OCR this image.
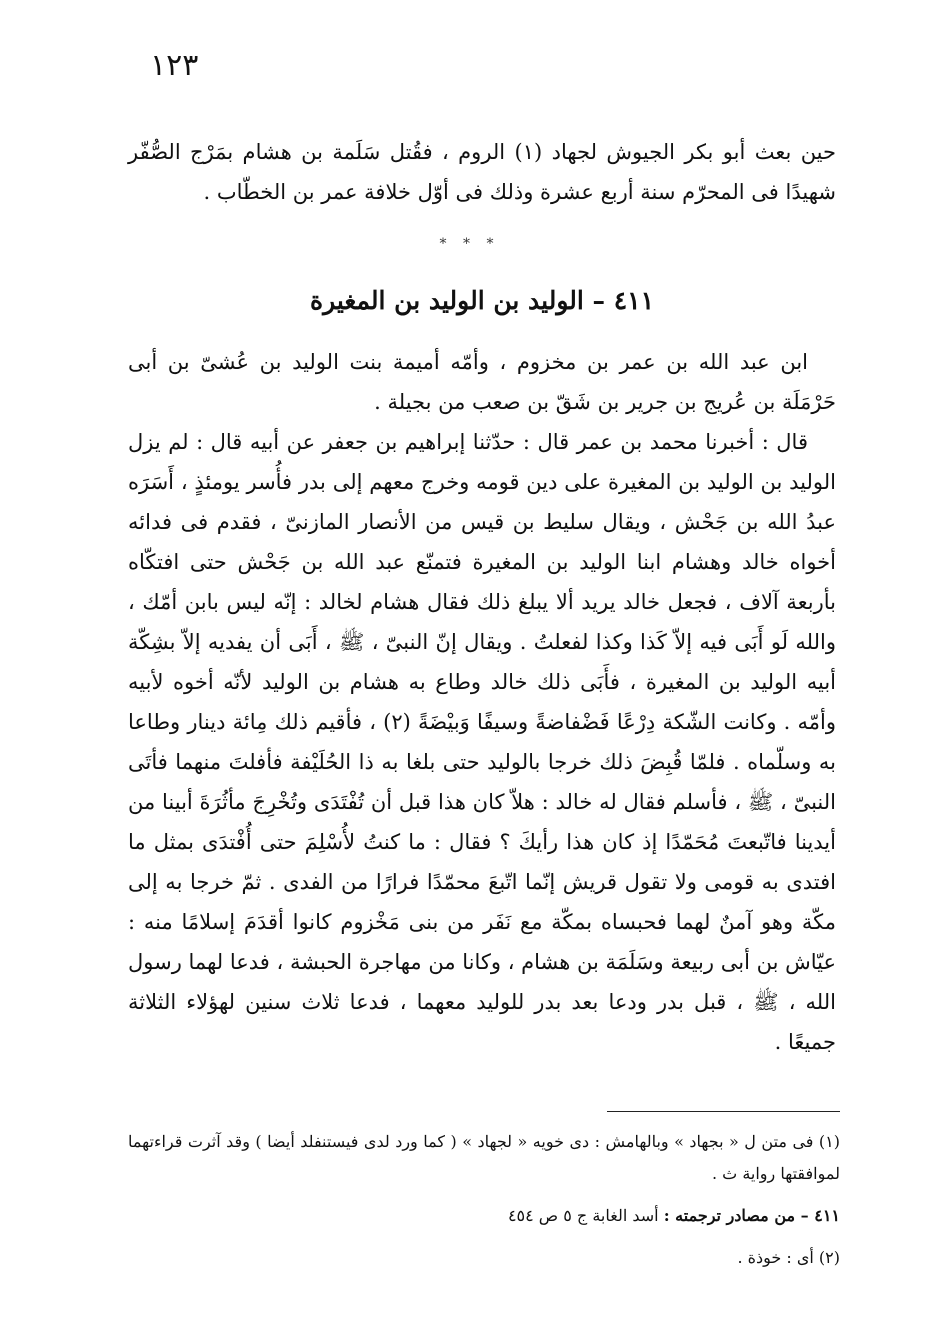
١٢٣

حين بعث أبو بكر الجيوش لجهاد (١) الروم ، فقُتل سَلَمة بن هشام بمَرْج الصُّفّر شهيدًا فى المحرّم سنة أربع عشرة وذلك فى أوّل خلافة عمر بن الخطّاب .

* * *
٤١١ – الوليد بن الوليد بن المغيرة

ابن عبد الله بن عمر بن مخزوم ، وأمّه أميمة بنت الوليد بن عُشىّ بن أبى حَرْمَلَة بن عُريج بن جرير بن شَقّ بن صعب من بجيلة .

قال : أخبرنا محمد بن عمر قال : حدّثنا إبراهيم بن جعفر عن أبيه قال : لم يزل الوليد بن الوليد بن المغيرة على دين قومه وخرج معهم إلى بدر فأُسر يومئذٍ ، أَسَرَه عبدُ الله بن جَحْش ، ويقال سليط بن قيس من الأنصار المازنىّ ، فقدم فى فدائه أخواه خالد وهشام ابنا الوليد بن المغيرة فتمنّع عبد الله بن جَحْش حتى افتكّاه بأربعة آلاف ، فجعل خالد يريد ألا يبلغ ذلك فقال هشام لخالد : إنّه ليس بابن أمّك ، والله لَو أَبَى فيه إلاّ كَذا وكذا لفعلتُ . ويقال إنّ النبىّ ، ﷺ ، أَبَى أن يفديه إلاّ بشِكّة أبيه الوليد بن المغيرة ، فأَبَى ذلك خالد وطاع به هشام بن الوليد لأنّه أخوه لأبيه وأمّه . وكانت الشّكة دِرْعًا فَضْفاضةً وسيفًا وَبيْضَةً (٢) ، فأقيم ذلك مِائة دينار وطاعا به وسلّماه . فلمّا قُبِضَ ذلك خرجا بالوليد حتى بلغا به ذا الحُلَيْفة فأفلتَ منهما فأتَى النبىّ ، ﷺ ، فأسلم فقال له خالد : هلاّ كان هذا قبل أن تُفْتَدَى وتُخْرِجَ مأثُرَةَ أبينا من أيدينا فاتّبعتَ مُحَمّدًا إذ كان هذا رأيكَ ؟ فقال : ما كنتُ لأُسْلِمَ حتى أُفْتدَى بمثل ما افتدى به قومى ولا تقول قريش إنّما اتّبعَ محمّدًا فرارًا من الفدى . ثمّ خرجا به إلى مكّة وهو آمنٌ لهما فحبساه بمكّة مع نَفَر من بنى مَخْزوم كانوا أقدَمَ إسلامًا منه : عيّاش بن أبى ربيعة وسَلَمَة بن هشام ، وكانا من مهاجرة الحبشة ، فدعا لهما رسول الله ، ﷺ ، قبل بدر ودعا بعد بدر للوليد معهما ، فدعا ثلاث سنين لهؤلاء الثلاثة جميعًا .

(١) فى متن ل « بجهاد » وبالهامش : دى خويه « لجهاد » ( كما ورد لدى فيستنفلد أيضا ) وقد آثرت قراءتهما لموافقتها رواية ث .

٤١١ – من مصادر ترجمته : أسد الغابة ج ٥ ص ٤٥٤

(٢) أى : خوذة .
